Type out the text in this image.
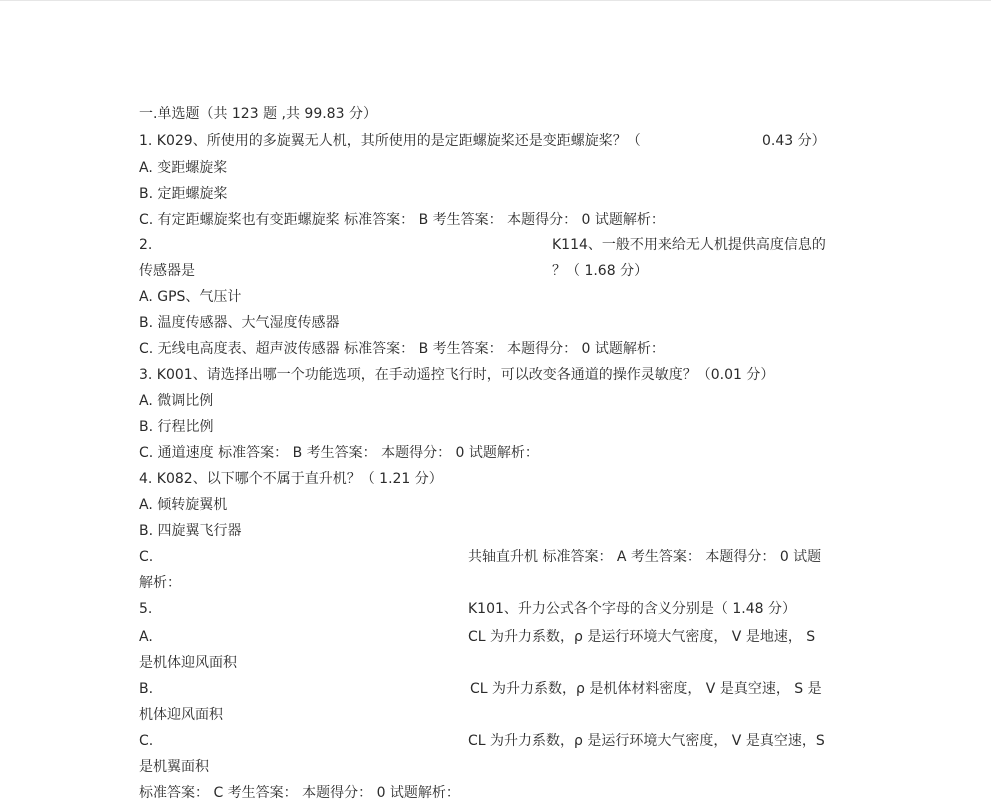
一.单选题（共 123 题 ,共 99.83 分）
1. K029、所使用的多旋翼无人机，其所使用的是定距螺旋桨还是变距螺旋桨？（	0.43 分）
A. 变距螺旋桨
B. 定距螺旋桨
C. 有定距螺旋桨也有变距螺旋桨 标准答案： B 考生答案： 本题得分： 0 试题解析：
2.	K114、一般不用来给无人机提供高度信息的
传感器是	？（ 1.68 分）
A. GPS、气压计
B. 温度传感器、大气湿度传感器
C. 无线电高度表、超声波传感器 标准答案： B 考生答案： 本题得分： 0 试题解析：
3. K001、请选择出哪一个功能选项，在手动遥控飞行时，可以改变各通道的操作灵敏度？（0.01 分）
A. 微调比例
B. 行程比例
C. 通道速度 标准答案： B 考生答案： 本题得分： 0 试题解析：
4. K082、以下哪个不属于直升机？（ 1.21 分）
A. 倾转旋翼机
B. 四旋翼飞行器
C.	共轴直升机 标准答案： A 考生答案： 本题得分： 0 试题
解析：
5.	K101、升力公式各个字母的含义分别是（ 1.48 分）
A.	CL 为升力系数，ρ 是运行环境大气密度， V 是地速， S
是机体迎风面积
B.	CL 为升力系数，ρ 是机体材料密度， V 是真空速， S 是
机体迎风面积
C.	CL 为升力系数，ρ 是运行环境大气密度， V 是真空速，S
是机翼面积
标准答案： C 考生答案： 本题得分： 0 试题解析：
